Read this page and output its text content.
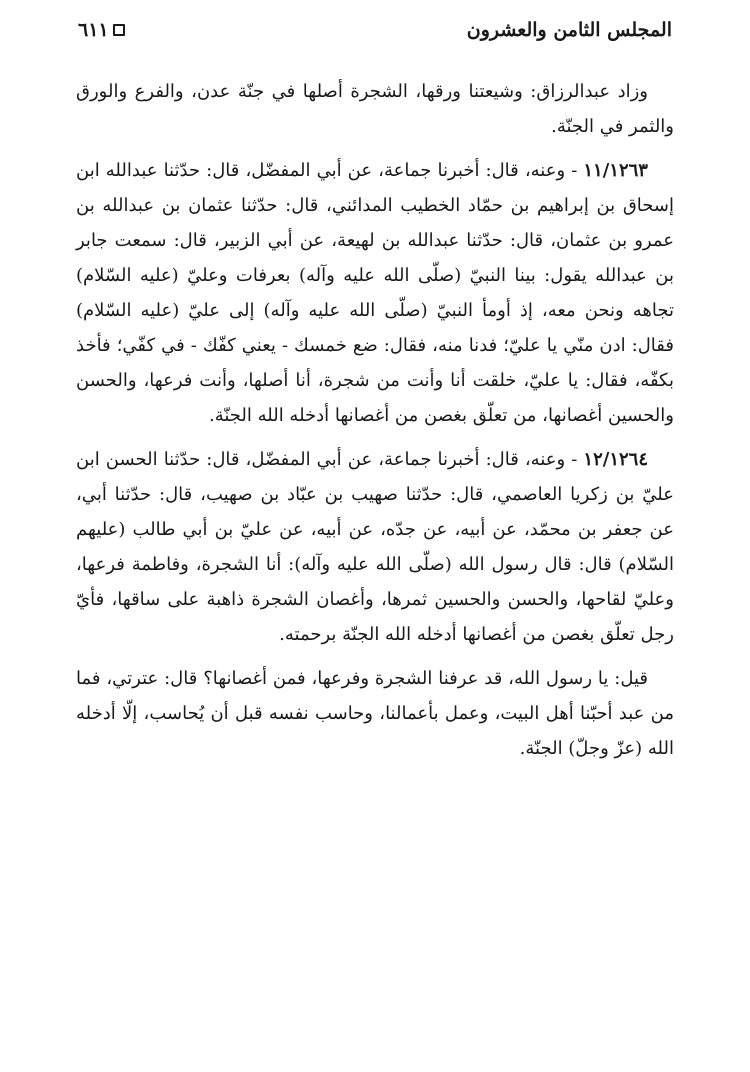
المجلس الثامن والعشرون
٦١١

وزاد عبدالرزاق: وشيعتنا ورقها، الشجرة أصلها في جنّة عدن، والفرع والورق والثمر في الجنّة.

١١/١٢٦٣ - وعنه، قال: أخبرنا جماعة، عن أبي المفضّل، قال: حدّثنا عبدالله ابن إسحاق بن إبراهيم بن حمّاد الخطيب المدائني، قال: حدّثنا عثمان بن عبدالله بن عمرو بن عثمان، قال: حدّثنا عبدالله بن لهيعة، عن أبي الزبير، قال: سمعت جابر بن عبدالله يقول: بينا النبيّ (صلّى الله عليه وآله) بعرفات وعليّ (عليه السّلام) تجاهه ونحن معه، إذ أومأ النبيّ (صلّى الله عليه وآله) إلى عليّ (عليه السّلام) فقال: ادن منّي يا عليّ؛ فدنا منه، فقال: ضع خمسك - يعني كفّك - في كفّي؛ فأخذ بكفّه، فقال: يا عليّ، خلقت أنا وأنت من شجرة، أنا أصلها، وأنت فرعها، والحسن والحسين أغصانها، من تعلّق بغصن من أغصانها أدخله الله الجنّة.

١٢/١٢٦٤ - وعنه، قال: أخبرنا جماعة، عن أبي المفضّل، قال: حدّثنا الحسن ابن عليّ بن زكريا العاصمي، قال: حدّثنا صهيب بن عبّاد بن صهيب، قال: حدّثنا أبي، عن جعفر بن محمّد، عن أبيه، عن جدّه، عن أبيه، عن عليّ بن أبي طالب (عليهم السّلام) قال: قال رسول الله (صلّى الله عليه وآله): أنا الشجرة، وفاطمة فرعها، وعليّ لقاحها، والحسن والحسين ثمرها، وأغصان الشجرة ذاهبة على ساقها، فأيّ رجل تعلّق بغصن من أغصانها أدخله الله الجنّة برحمته.

قيل: يا رسول الله، قد عرفنا الشجرة وفرعها، فمن أغصانها؟ قال: عترتي، فما من عبد أحبّنا أهل البيت، وعمل بأعمالنا، وحاسب نفسه قبل أن يُحاسب، إلّا أدخله الله (عزّ وجلّ) الجنّة.
